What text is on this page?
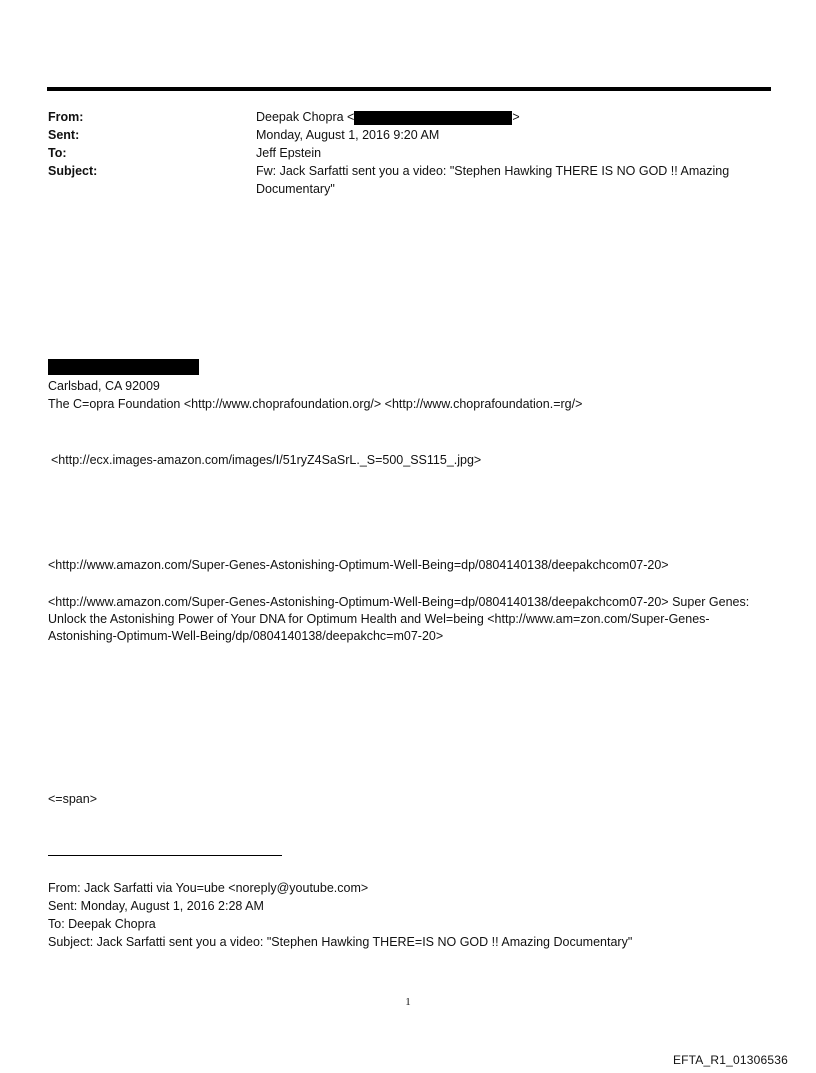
From:	Deepak Chopra <	>
Sent:	Monday, August 1, 2016 9:20 AM
To:	Jeff Epstein
Subject:	Fw: Jack Sarfatti sent you a video: "Stephen Hawking THERE IS NO GOD !! Amazing Documentary"
Carlsbad, CA 92009
The C=opra Foundation <http://www.choprafoundation.org/> <http://www.choprafoundation.=rg/>
<http://ecx.images-amazon.com/images/I/51ryZ4SaSrL._S=500_SS115_.jpg>
<http://www.amazon.com/Super-Genes-Astonishing-Optimum-Well-Being=dp/0804140138/deepakchcom07-20>
<http://www.amazon.com/Super-Genes-Astonishing-Optimum-Well-Being=dp/0804140138/deepakchcom07-20> Super Genes: Unlock the Astonishing Power of Your DNA for Optimum Health and Wel=being <http://www.am=zon.com/Super-Genes-Astonishing-Optimum-Well-Being/dp/0804140138/deepakchc=m07-20>
<=span>
From: Jack Sarfatti via You=ube <noreply@youtube.com>
Sent: Monday, August 1, 2016 2:28 AM
To: Deepak Chopra
Subject: Jack Sarfatti sent you a video: "Stephen Hawking THERE=IS NO GOD !! Amazing Documentary"
1
EFTA_R1_01306536
